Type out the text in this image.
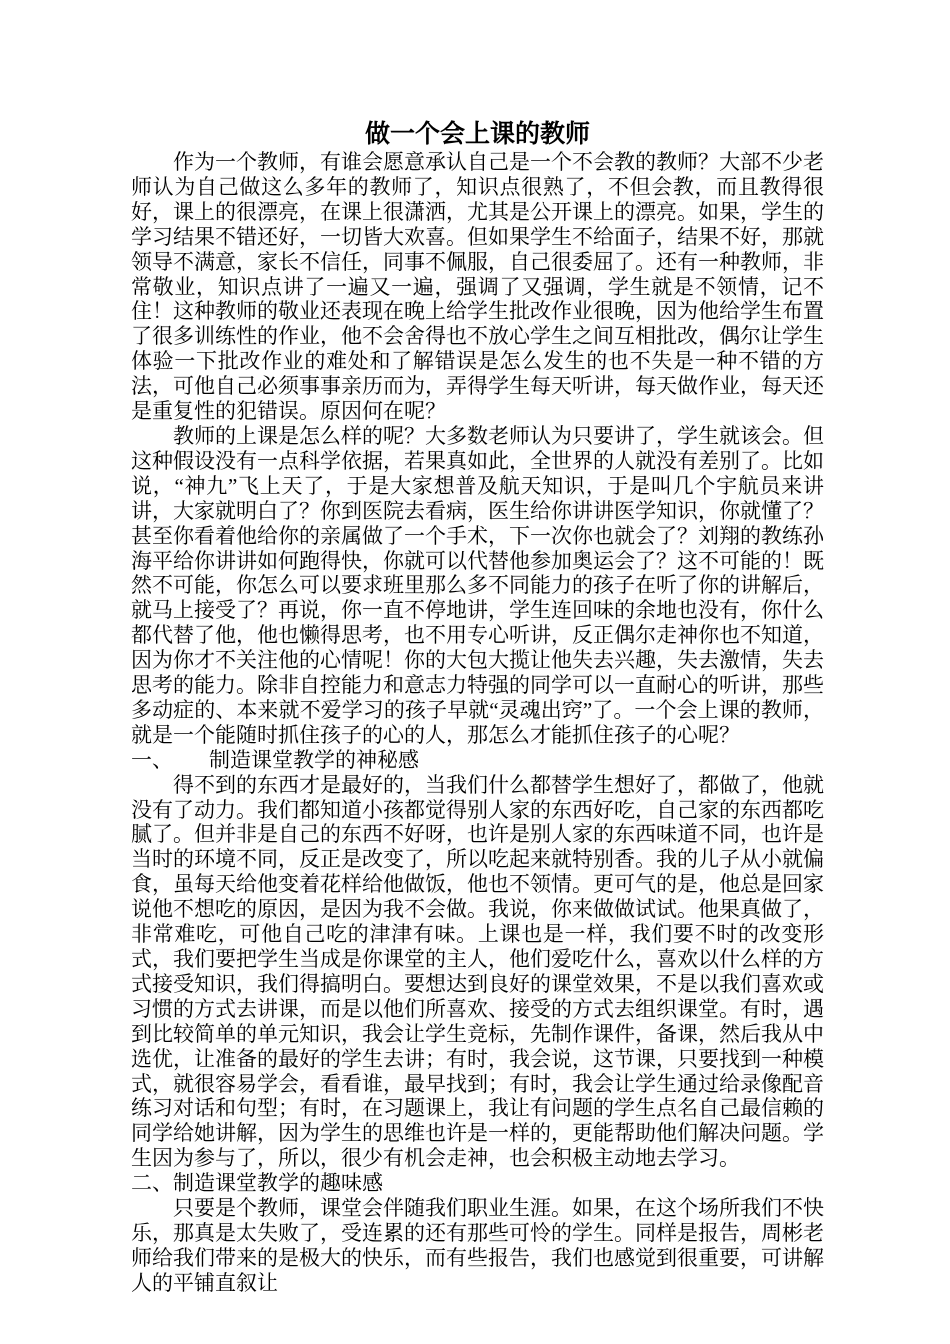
做一个会上课的教师

作为一个教师，有谁会愿意承认自己是一个不会教的教师？大部不少老师认为自己做这么多年的教师了，知识点很熟了，不但会教，而且教得很好，课上的很漂亮，在课上很潇洒，尤其是公开课上的漂亮。如果，学生的学习结果不错还好，一切皆大欢喜。但如果学生不给面子，结果不好，那就领导不满意，家长不信任，同事不佩服，自己很委屈了。还有一种教师，非常敬业，知识点讲了一遍又一遍，强调了又强调，学生就是不领情，记不住！这种教师的敬业还表现在晚上给学生批改作业很晚，因为他给学生布置了很多训练性的作业，他不会舍得也不放心学生之间互相批改，偶尔让学生体验一下批改作业的难处和了解错误是怎么发生的也不失是一种不错的方法，可他自己必须事事亲历而为，弄得学生每天听讲，每天做作业，每天还是重复性的犯错误。原因何在呢？

教师的上课是怎么样的呢？大多数老师认为只要讲了，学生就该会。但这种假设没有一点科学依据，若果真如此，全世界的人就没有差别了。比如说，“神九”飞上天了，于是大家想普及航天知识，于是叫几个宇航员来讲讲，大家就明白了？你到医院去看病，医生给你讲讲医学知识，你就懂了？甚至你看着他给你的亲属做了一个手术，下一次你也就会了？刘翔的教练孙海平给你讲讲如何跑得快，你就可以代替他参加奥运会了？这不可能的！既然不可能，你怎么可以要求班里那么多不同能力的孩子在听了你的讲解后，就马上接受了？再说，你一直不停地讲，学生连回味的余地也没有，你什么都代替了他，他也懒得思考，也不用专心听讲，反正偶尔走神你也不知道，因为你才不关注他的心情呢！你的大包大揽让他失去兴趣，失去激情，失去思考的能力。除非自控能力和意志力特强的同学可以一直耐心的听讲，那些多动症的、本来就不爱学习的孩子早就“灵魂出窍”了。一个会上课的教师，就是一个能随时抓住孩子的心的人，那怎么才能抓住孩子的心呢？

一、 制造课堂教学的神秘感

得不到的东西才是最好的，当我们什么都替学生想好了，都做了，他就没有了动力。我们都知道小孩都觉得别人家的东西好吃，自己家的东西都吃腻了。但并非是自己的东西不好呀，也许是别人家的东西味道不同，也许是当时的环境不同，反正是改变了，所以吃起来就特别香。我的儿子从小就偏食，虽每天给他变着花样给他做饭，他也不领情。更可气的是，他总是回家说他不想吃的原因，是因为我不会做。我说，你来做做试试。他果真做了，非常难吃，可他自己吃的津津有味。上课也是一样，我们要不时的改变形式，我们要把学生当成是你课堂的主人，他们爱吃什么，喜欢以什么样的方式接受知识，我们得搞明白。要想达到良好的课堂效果，不是以我们喜欢或习惯的方式去讲课，而是以他们所喜欢、接受的方式去组织课堂。有时，遇到比较简单的单元知识，我会让学生竞标，先制作课件，备课，然后我从中选优，让准备的最好的学生去讲；有时，我会说，这节课，只要找到一种模式，就很容易学会，看看谁，最早找到；有时，我会让学生通过给录像配音练习对话和句型；有时，在习题课上，我让有问题的学生点名自己最信赖的同学给她讲解，因为学生的思维也许是一样的，更能帮助他们解决问题。学生因为参与了，所以，很少有机会走神，也会积极主动地去学习。

二、制造课堂教学的趣味感

只要是个教师，课堂会伴随我们职业生涯。如果，在这个场所我们不快乐，那真是太失败了，受连累的还有那些可怜的学生。同样是报告，周彬老师给我们带来的是极大的快乐，而有些报告，我们也感觉到很重要，可讲解人的平铺直叙让
